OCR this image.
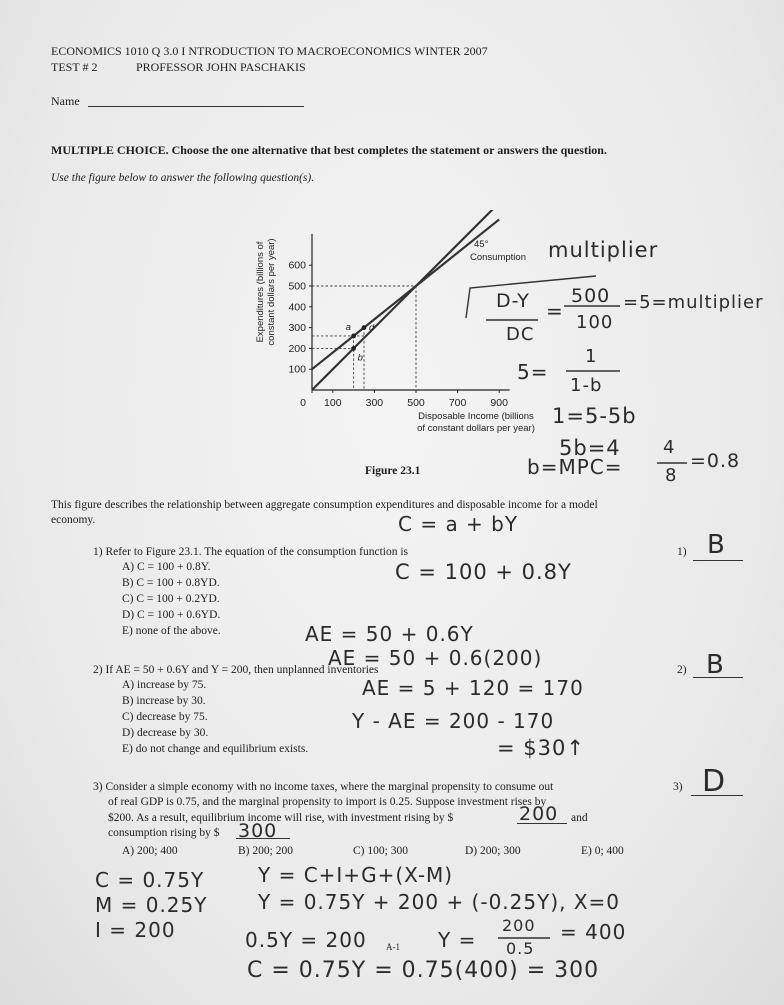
ECONOMICS 1010 Q 3.0 I NTRODUCTION TO MACROECONOMICS WINTER 2007
TEST # 2	PROFESSOR JOHN PASCHAKIS
Name
MULTIPLE CHOICE. Choose the one alternative that best completes the statement or answers the question.
Use the figure below to answer the following question(s).
100
200
300
400
500
600
0 100 300 500 700 900
a
b
d
45°
Consumption
Expenditures (billions of constant dollars per year)
Disposable Income (billions
of constant dollars per year)
Figure 23.1
multiplier
D-Y
DC
=
500
100
=5=multiplier
5=
1
1-b
1=5-5b
5b=4
b=MPC=
4
8
=0.8
This figure describes the relationship between aggregate consumption expenditures and disposable income for a model
economy.	C = a + bY
1) Refer to Figure 23.1. The equation of the consumption function is
A) C = 100 + 0.8Y.
B) C = 100 + 0.8YD.
C) C = 100 + 0.2YD.
D) C = 100 + 0.6YD.
E) none of the above.
C = 100 + 0.8Y
1) B
AE = 50 + 0.6Y
AE = 50 + 0.6(200)
2) If AE = 50 + 0.6Y and Y = 200, then unplanned inventories
A) increase by 75.
B) increase by 30.
C) decrease by 75.
D) decrease by 30.
E) do not change and equilibrium exists.
AE = 5 + 120 = 170
Y - AE = 200 - 170
= $30↑
2) B
3) Consider a simple economy with no income taxes, where the marginal propensity to consume out
of real GDP is 0.75, and the marginal propensity to import is 0.25. Suppose investment rises by
$200. As a result, equilibrium income will rise, with investment rising by $	200 and
consumption rising by $ 300
A) 200; 400	B) 200; 200	C) 100; 300	D) 200; 300	E) 0; 400
3) D
C = 0.75Y
M = 0.25Y
I = 200
Y = C+I+G+(X-M)
Y = 0.75Y + 200 + (-0.25Y), X=0
0.5Y = 200	Y =
200
0.5
= 400
A-1
C = 0.75Y = 0.75(400) = 300
